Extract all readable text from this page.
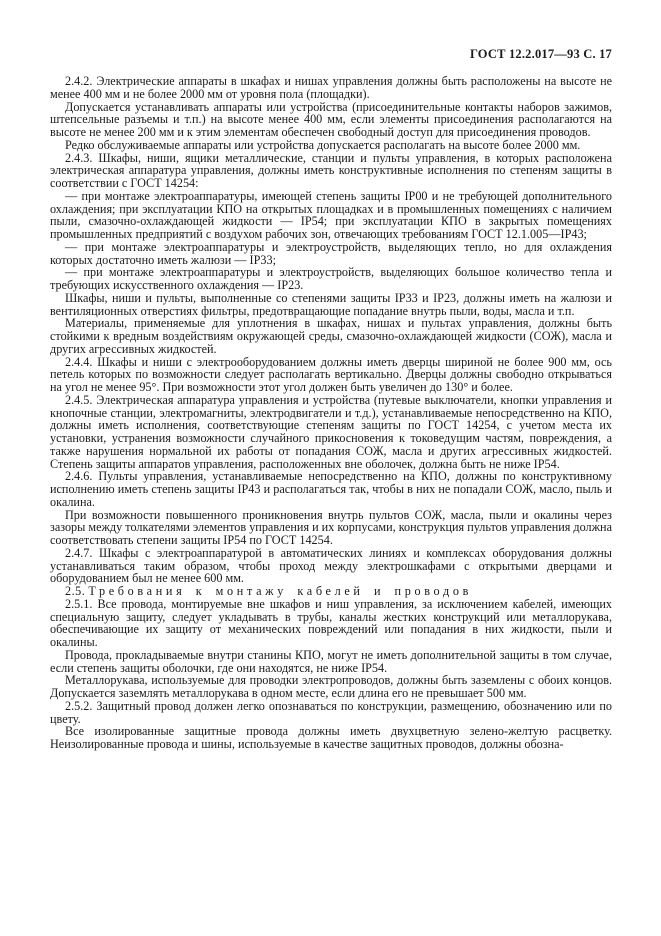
ГОСТ 12.2.017—93 С. 17

2.4.2. Электрические аппараты в шкафах и нишах управления должны быть расположены на высоте не менее 400 мм и не более 2000 мм от уровня пола (площадки).

Допускается устанавливать аппараты или устройства (присоединительные контакты наборов зажимов, штепсельные разъемы и т.п.) на высоте менее 400 мм, если элементы присоединения располагаются на высоте не менее 200 мм и к этим элементам обеспечен свободный доступ для присоединения проводов.

Редко обслуживаемые аппараты или устройства допускается располагать на высоте более 2000 мм.

2.4.3. Шкафы, ниши, ящики металлические, станции и пульты управления, в которых расположена электрическая аппаратура управления, должны иметь конструктивные исполнения по степеням защиты в соответствии с ГОСТ 14254:

— при монтаже электроаппаратуры, имеющей степень защиты IP00 и не требующей дополнительного охлаждения; при эксплуатации КПО на открытых площадках и в промышленных помещениях с наличием пыли, смазочно-охлаждающей жидкости — IP54; при эксплуатации КПО в закрытых помещениях промышленных предприятий с воздухом рабочих зон, отвечающих требованиям ГОСТ 12.1.005—IP43;

— при монтаже электроаппаратуры и электроустройств, выделяющих тепло, но для охлаждения которых достаточно иметь жалюзи — IP33;

— при монтаже электроаппаратуры и электроустройств, выделяющих большое количество тепла и требующих искусственного охлаждения — IP23.

Шкафы, ниши и пульты, выполненные со степенями защиты IP33 и IP23, должны иметь на жалюзи и вентиляционных отверстиях фильтры, предотвращающие попадание внутрь пыли, воды, масла и т.п.

Материалы, применяемые для уплотнения в шкафах, нишах и пультах управления, должны быть стойкими к вредным воздействиям окружающей среды, смазочно-охлаждающей жидкости (СОЖ), масла и других агрессивных жидкостей.

2.4.4. Шкафы и ниши с электрооборудованием должны иметь дверцы шириной не более 900 мм, ось петель которых по возможности следует располагать вертикально. Дверцы должны свободно открываться на угол не менее 95°. При возможности этот угол должен быть увеличен до 130° и более.

2.4.5. Электрическая аппаратура управления и устройства (путевые выключатели, кнопки управления и кнопочные станции, электромагниты, электродвигатели и т.д.), устанавливаемые непосредственно на КПО, должны иметь исполнения, соответствующие степеням защиты по ГОСТ 14254, с учетом места их установки, устранения возможности случайного прикосновения к токоведущим частям, повреждения, а также нарушения нормальной их работы от попадания СОЖ, масла и других агрессивных жидкостей. Степень защиты аппаратов управления, расположенных вне оболочек, должна быть не ниже IP54.

2.4.6. Пульты управления, устанавливаемые непосредственно на КПО, должны по конструктивному исполнению иметь степень защиты IP43 и располагаться так, чтобы в них не попадали СОЖ, масло, пыль и окалина.

При возможности повышенного проникновения внутрь пультов СОЖ, масла, пыли и окалины через зазоры между толкателями элементов управления и их корпусами, конструкция пультов управления должна соответствовать степени защиты IP54 по ГОСТ 14254.

2.4.7. Шкафы с электроаппаратурой в автоматических линиях и комплексах оборудования должны устанавливаться таким образом, чтобы проход между электрошкафами с открытыми дверцами и оборудованием был не менее 600 мм.

2.5. Требования к монтажу кабелей и проводов

2.5.1. Все провода, монтируемые вне шкафов и ниш управления, за исключением кабелей, имеющих специальную защиту, следует укладывать в трубы, каналы жестких конструкций или металлорукава, обеспечивающие их защиту от механических повреждений или попадания в них жидкости, пыли и окалины.

Провода, прокладываемые внутри станины КПО, могут не иметь дополнительной защиты в том случае, если степень защиты оболочки, где они находятся, не ниже IP54.

Металлорукава, используемые для проводки электропроводов, должны быть заземлены с обоих концов. Допускается заземлять металлорукава в одном месте, если длина его не превышает 500 мм.

2.5.2. Защитный провод должен легко опознаваться по конструкции, размещению, обозначению или по цвету.

Все изолированные защитные провода должны иметь двухцветную зелено-желтую расцветку. Неизолированные провода и шины, используемые в качестве защитных проводов, должны обозна-
